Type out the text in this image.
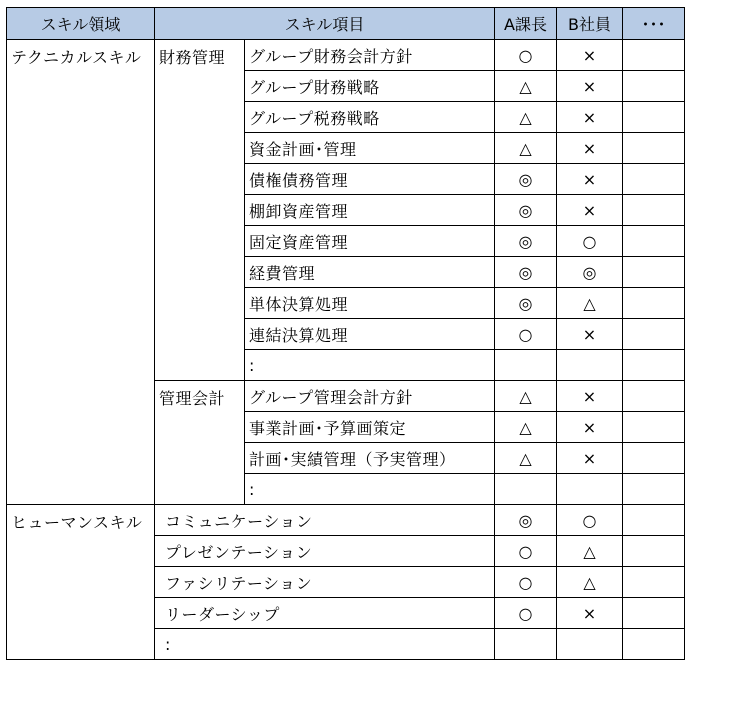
スキル領域	スキル項目		A課長	B社員	･･･
テクニカルスキル	財務管理	グループ財務会計方針	○	×	
		グループ財務戦略	△	×	
		グループ税務戦略	△	×	
		資金計画･管理	△	×	
		債権債務管理	◎	×	
		棚卸資産管理	◎	×	
		固定資産管理	◎	○	
		経費管理	◎	◎	
		単体決算処理	◎	△	
		連結決算処理	○	×	
		:			
	管理会計	グループ管理会計方針	△	×	
		事業計画･予算画策定	△	×	
		計画･実績管理（予実管理）	△	×	
		:			
ヒューマンスキル	コミュニケーション		◎	○	
	プレゼンテーション		○	△	
	ファシリテーション		○	△	
	リーダーシップ		○	×	
	:				
